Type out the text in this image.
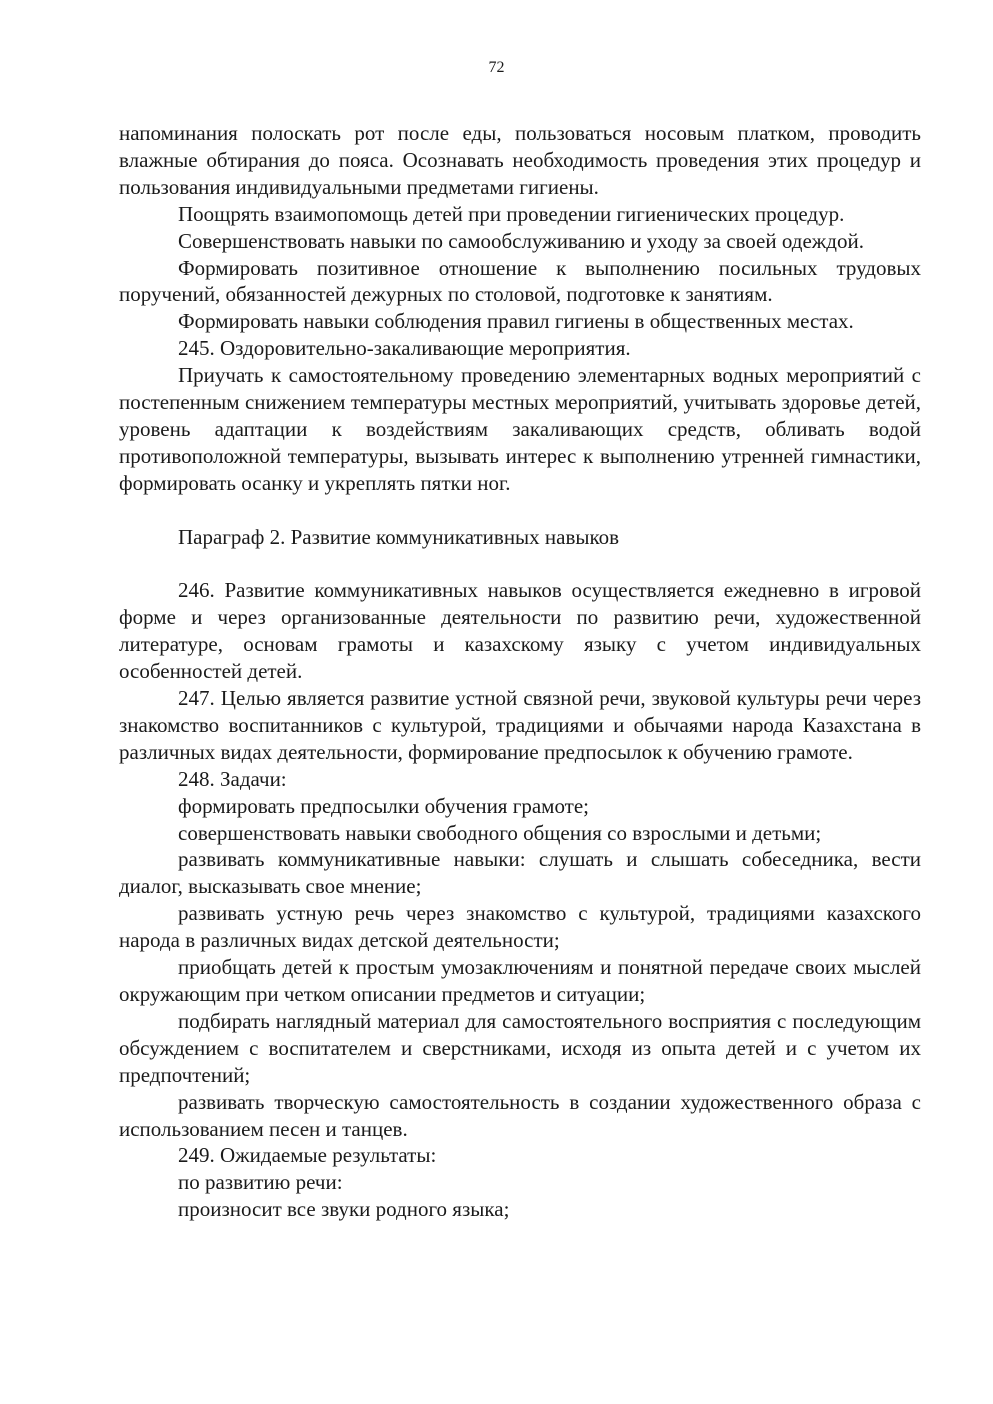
72

напоминания полоскать рот после еды, пользоваться носовым платком, проводить влажные обтирания до пояса. Осознавать необходимость проведения этих процедур и пользования индивидуальными предметами гигиены.

Поощрять взаимопомощь детей при проведении гигиенических процедур.

Совершенствовать навыки по самообслуживанию и уходу за своей одеждой.

Формировать позитивное отношение к выполнению посильных трудовых поручений, обязанностей дежурных по столовой, подготовке к занятиям.

Формировать навыки соблюдения правил гигиены в общественных местах.

245. Оздоровительно-закаливающие мероприятия.

Приучать к самостоятельному проведению элементарных водных мероприятий с постепенным снижением температуры местных мероприятий, учитывать здоровье детей, уровень адаптации к воздействиям закаливающих средств, обливать водой противоположной температуры, вызывать интерес к выполнению утренней гимнастики, формировать осанку и укреплять пятки ног.

Параграф 2. Развитие коммуникативных навыков

246. Развитие коммуникативных навыков осуществляется ежедневно в игровой форме и через организованные деятельности по развитию речи, художественной литературе, основам грамоты и казахскому языку с учетом индивидуальных особенностей детей.

247. Целью является развитие устной связной речи, звуковой культуры речи через знакомство воспитанников с культурой, традициями и обычаями народа Казахстана в различных видах деятельности, формирование предпосылок к обучению грамоте.

248. Задачи:

формировать предпосылки обучения грамоте;

совершенствовать навыки свободного общения со взрослыми и детьми;

развивать коммуникативные навыки: слушать и слышать собеседника, вести диалог, высказывать свое мнение;

развивать устную речь через знакомство с культурой, традициями казахского народа в различных видах детской деятельности;

приобщать детей к простым умозаключениям и понятной передаче своих мыслей окружающим при четком описании предметов и ситуации;

подбирать наглядный материал для самостоятельного восприятия с последующим обсуждением с воспитателем и сверстниками, исходя из опыта детей и с учетом их предпочтений;

развивать творческую самостоятельность в создании художественного образа с использованием песен и танцев.

249. Ожидаемые результаты:

по развитию речи:

произносит все звуки родного языка;
